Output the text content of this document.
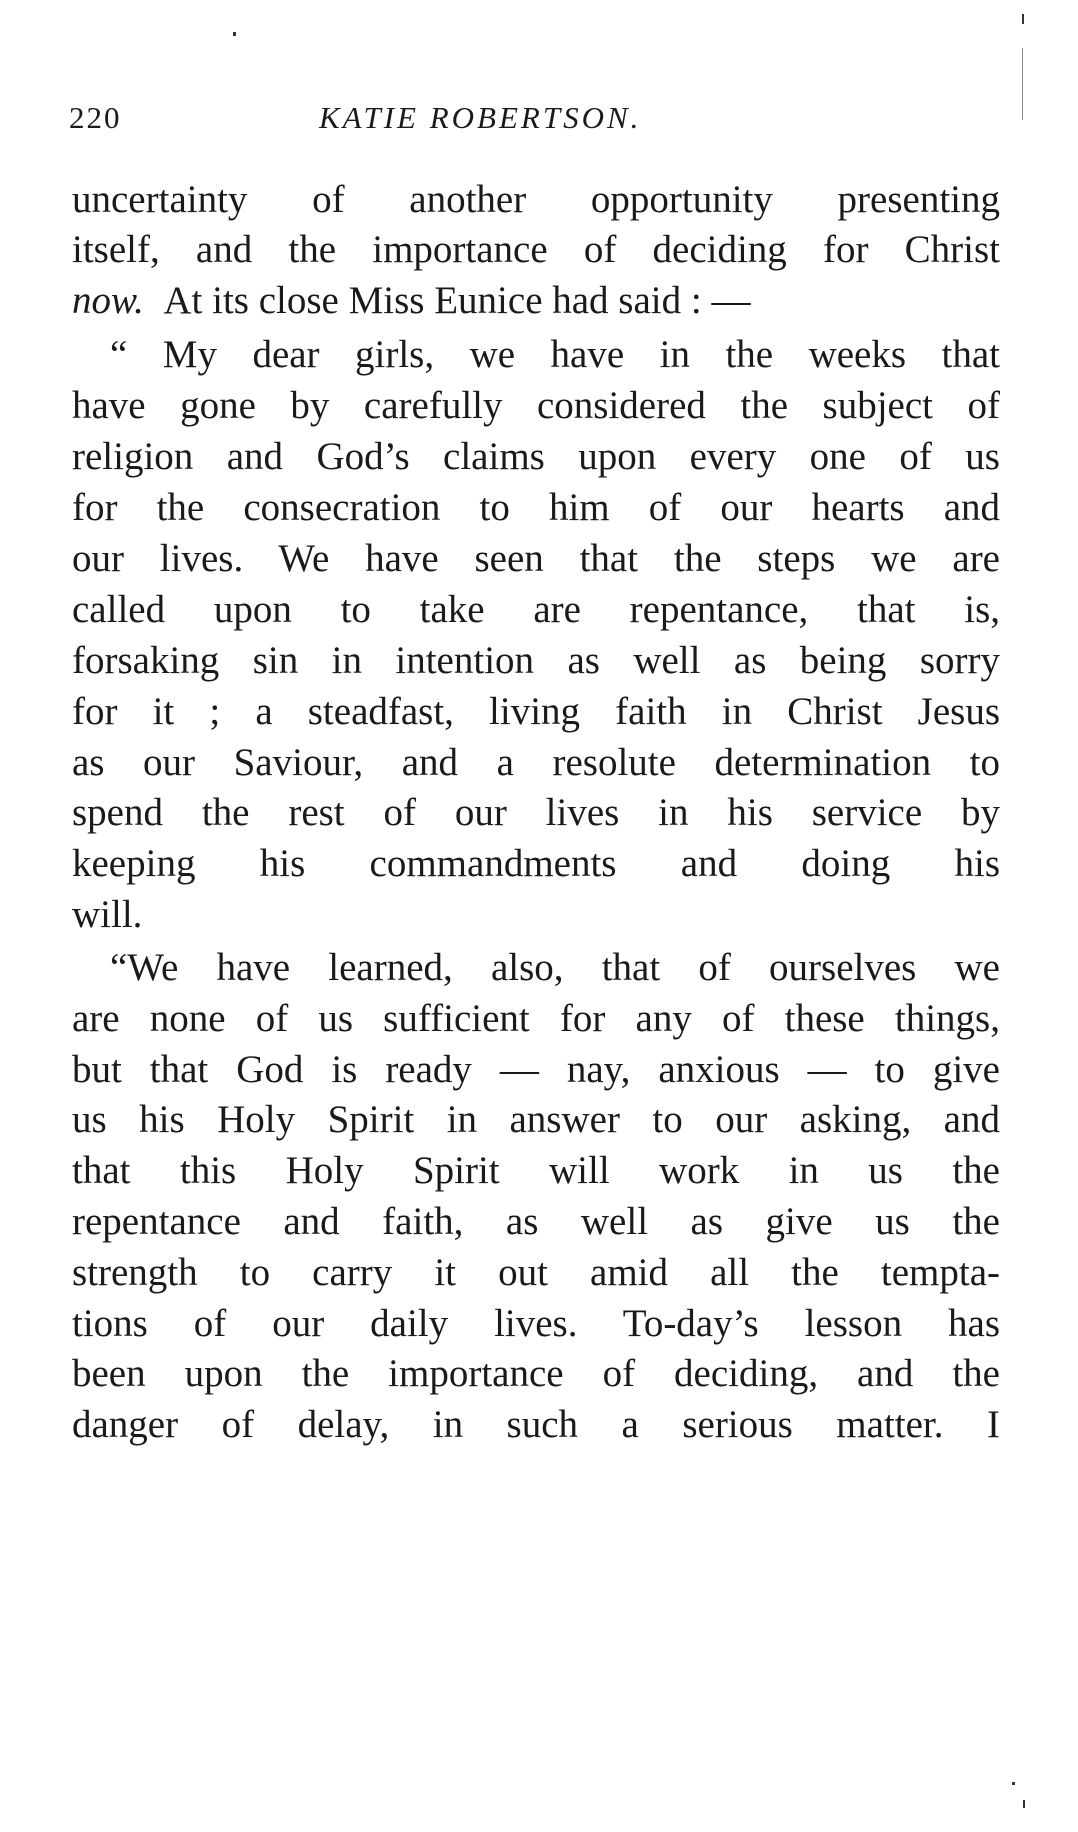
220	KATIE ROBERTSON.
uncertainty of another opportunity presenting
itself, and the importance of deciding for Christ
now. At its close Miss Eunice had said : —
“ My dear girls, we have in the weeks that
have gone by carefully considered the subject of
religion and God’s claims upon every one of us
for the consecration to him of our hearts and
our lives. We have seen that the steps we are
called upon to take are repentance, that is,
forsaking sin in intention as well as being sorry
for it ; a steadfast, living faith in Christ Jesus
as our Saviour, and a resolute determination to
spend the rest of our lives in his service by
keeping his commandments and doing his
will.
“We have learned, also, that of ourselves we
are none of us sufficient for any of these things,
but that God is ready — nay, anxious — to give
us his Holy Spirit in answer to our asking, and
that this Holy Spirit will work in us the
repentance and faith, as well as give us the
strength to carry it out amid all the tempta-
tions of our daily lives. To-day’s lesson has
been upon the importance of deciding, and the
danger of delay, in such a serious matter. I
